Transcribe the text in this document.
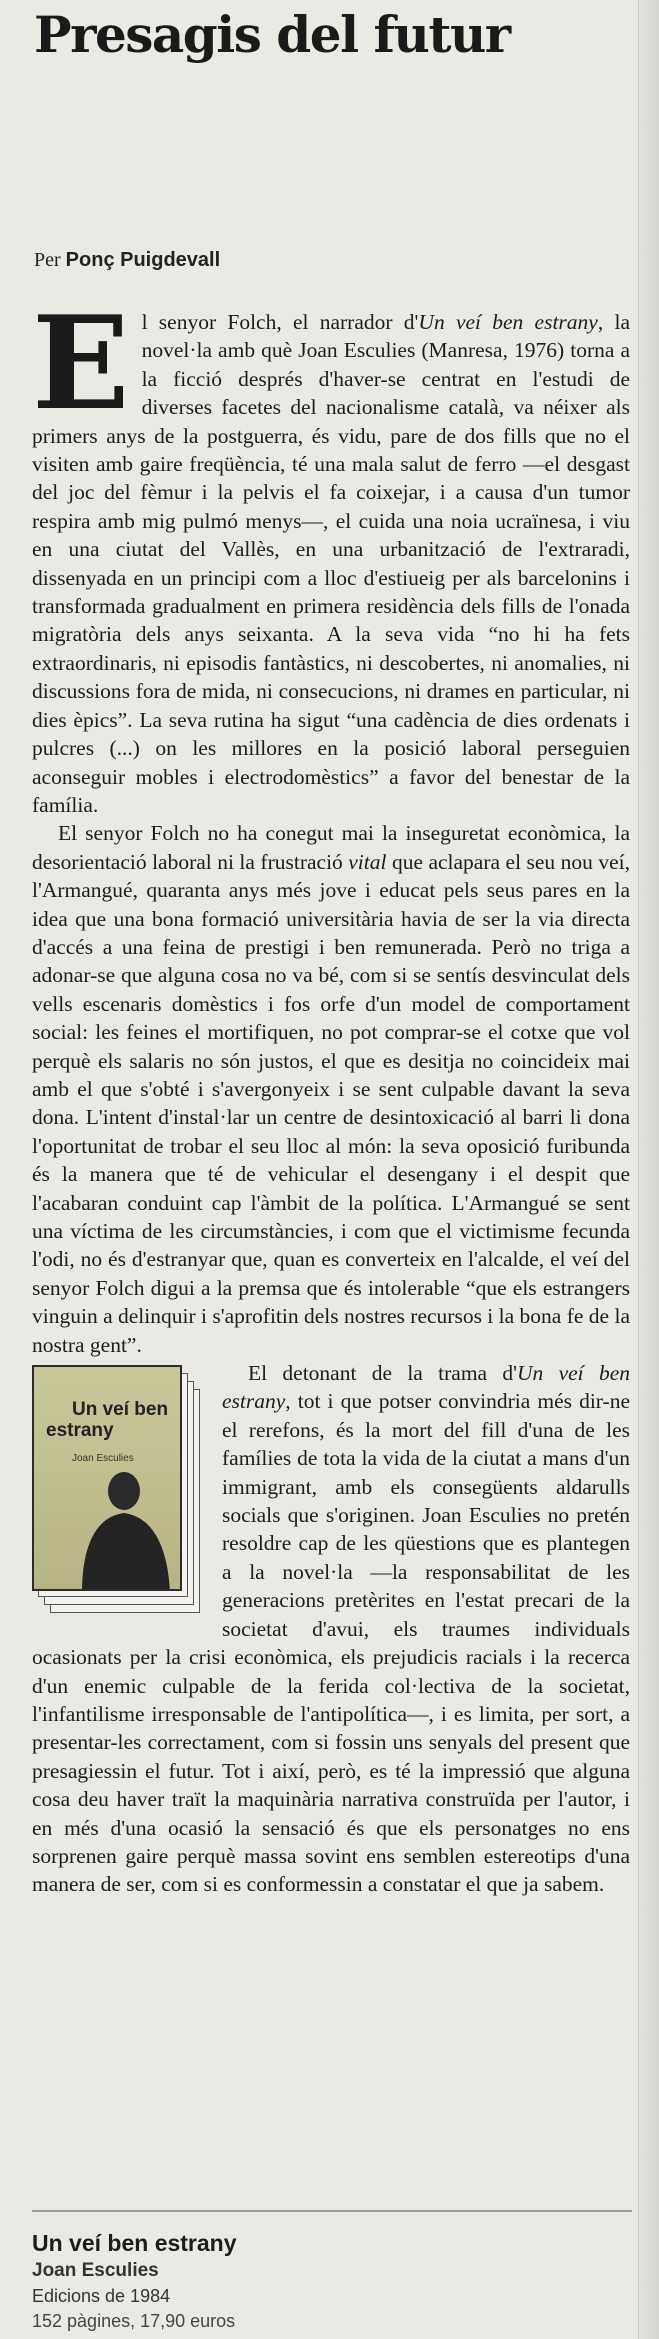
Presagis del futur
Per Ponç Puigdevall

El senyor Folch, el narrador d'Un veí ben estrany, la novel·la amb què Joan Esculies (Manresa, 1976) torna a la ficció després d'haver-se centrat en l'estudi de diverses facetes del nacionalisme català, va néixer als primers anys de la postguerra, és vidu, pare de dos fills que no el visiten amb gaire freqüència, té una mala salut de ferro —el desgast del joc del fèmur i la pelvis el fa coixejar, i a causa d'un tumor respira amb mig pulmó menys—, el cuida una noia ucraïnesa, i viu en una ciutat del Vallès, en una urbanització de l'extraradi, dissenyada en un principi com a lloc d'estiueig per als barcelonins i transformada gradualment en primera residència dels fills de l'onada migratòria dels anys seixanta. A la seva vida “no hi ha fets extraordinaris, ni episodis fantàstics, ni descobertes, ni anomalies, ni discussions fora de mida, ni consecucions, ni drames en particular, ni dies èpics”. La seva rutina ha sigut “una cadència de dies ordenats i pulcres (...) on les millores en la posició laboral perseguien aconseguir mobles i electrodomèstics” a favor del benestar de la família.

El senyor Folch no ha conegut mai la inseguretat econòmica, la desorientació laboral ni la frustració vital que aclapara el seu nou veí, l'Armangué, quaranta anys més jove i educat pels seus pares en la idea que una bona formació universitària havia de ser la via directa d'accés a una feina de prestigi i ben remunerada. Però no triga a adonar-se que alguna cosa no va bé, com si se sentís desvinculat dels vells escenaris domèstics i fos orfe d'un model de comportament social: les feines el mortifiquen, no pot comprar-se el cotxe que vol perquè els salaris no són justos, el que es desitja no coincideix mai amb el que s'obté i s'avergonyeix i se sent culpable davant la seva dona. L'intent d'instal·lar un centre de desintoxicació al barri li dona l'oportunitat de trobar el seu lloc al món: la seva oposició furibunda és la manera que té de vehicular el desengany i el despit que l'acabaran conduint cap l'àmbit de la política. L'Armangué se sent una víctima de les circumstàncies, i com que el victimisme fecunda l'odi, no és d'estranyar que, quan es converteix en l'alcalde, el veí del senyor Folch digui a la premsa que és intolerable “que els estrangers vinguin a delinquir i s'aprofitin dels nostres recursos i la bona fe de la nostra gent”.

Un veí ben
estrany
Joan Esculies
El detonant de la trama d'Un veí ben estrany, tot i que potser convindria més dir-ne el rerefons, és la mort del fill d'una de les famílies de tota la vida de la ciutat a mans d'un immigrant, amb els consegüents aldarulls socials que s'originen. Joan Esculies no pretén resoldre cap de les qüestions que es plantegen a la novel·la —la responsabilitat de les generacions pretèrites en l'estat precari de la societat d'avui, els traumes individuals ocasionats per la crisi econòmica, els prejudicis racials i la recerca d'un enemic culpable de la ferida col·lectiva de la societat, l'infantilisme irresponsable de l'antipolítica—, i es limita, per sort, a presentar-les correctament, com si fossin uns senyals del present que presagiessin el futur. Tot i així, però, es té la impressió que alguna cosa deu haver traït la maquinària narrativa construïda per l'autor, i en més d'una ocasió la sensació és que els personatges no ens sorprenen gaire perquè massa sovint ens semblen estereotips d'una manera de ser, com si es conformessin a constatar el que ja sabem.

Un veí ben estrany
Joan Esculies
Edicions de 1984
152 pàgines, 17,90 euros
